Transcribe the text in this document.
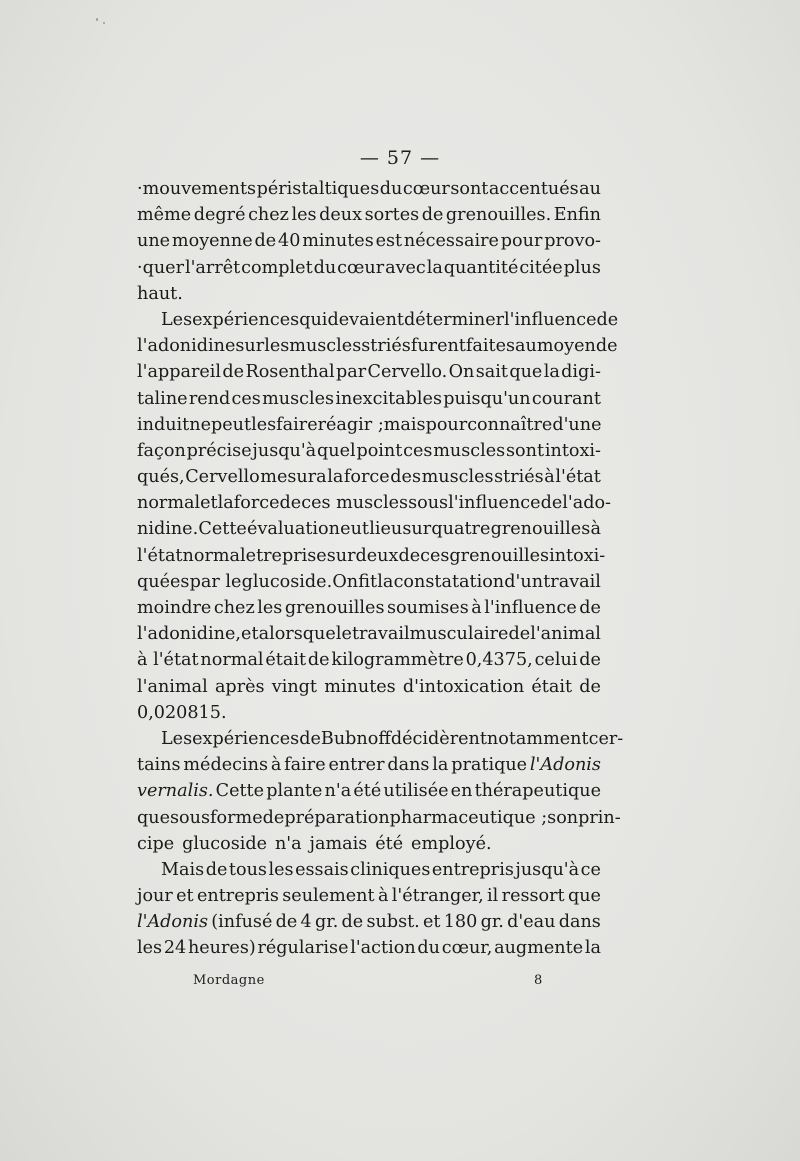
— 57 —
·mouvements péristaltiques du cœur sont accentués au
même degré chez les deux sortes de grenouilles. Enfin
une moyenne de 40 minutes est nécessaire pour provo-
·quer l'arrêt complet du cœur avec la quantité citée plus
haut.
Les expériences qui devaient déterminer l'influence de
l'adonidine sur les muscles striés furent faites au moyen de
l'appareil de Rosenthal par Cervello. On sait que la digi-
taline rend ces muscles inexcitables puisqu'un courant
induit ne peut les faire réagir ; mais pour connaître d'une
façon précise jusqu'à quel point ces muscles sont intoxi-
qués, Cervello mesura la force des muscles striés à l'état
normal et la force de ces muscles sous l'influence de l'ado-
nidine. Cette évaluation eut lieu sur quatre grenouilles à
l'état normal et reprise sur deux de ces grenouilles intoxi-
quées par le glucoside. On fit la constatation d'un travail
moindre chez les grenouilles soumises à l'influence de
l'adonidine, et alors que le travail musculaire de l'animal
à l'état normal était de kilogrammètre 0,4375, celui de
l'animal après vingt minutes d'intoxication était de
0,020815.
Les expériences de Bubnoff décidèrent notamment cer-
tains médecins à faire entrer dans la pratique l'Adonis
vernalis. Cette plante n'a été utilisée en thérapeutique
que sous forme de préparation pharmaceutique ; son prin-
cipe glucoside n'a jamais été employé.
Mais de tous les essais cliniques entrepris jusqu'à ce
jour et entrepris seulement à l'étranger, il ressort que
l'Adonis (infusé de 4 gr. de subst. et 180 gr. d'eau dans
les 24 heures) régularise l'action du cœur, augmente la
Mordagne	8
